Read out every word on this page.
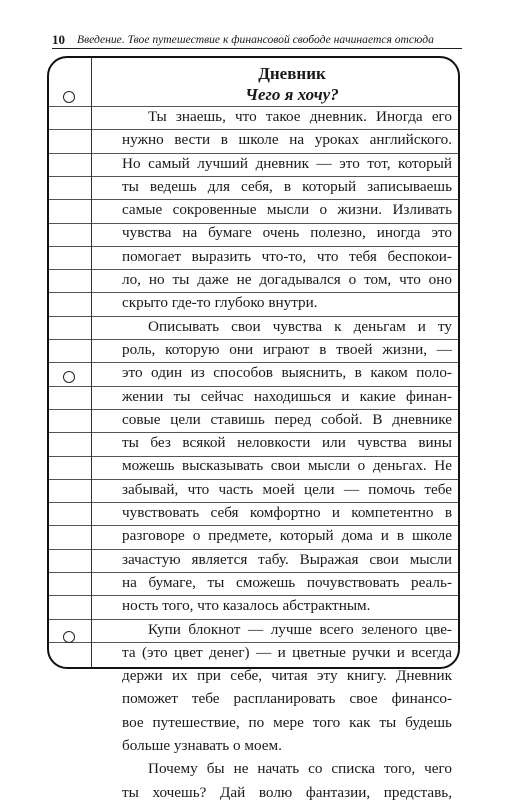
10 Введение. Твое путешествие к финансовой свободе начинается отсюда
Дневник
Чего я хочу?
Ты знаешь, что такое дневник. Иногда его
нужно вести в школе на уроках английского.
Но самый лучший дневник — это тот, который
ты ведешь для себя, в который записываешь
самые сокровенные мысли о жизни. Изливать
чувства на бумаге очень полезно, иногда это
помогает выразить что-то, что тебя беспокои-
ло, но ты даже не догадывался о том, что оно
скрыто где-то глубоко внутри.
Описывать свои чувства к деньгам и ту
роль, которую они играют в твоей жизни, —
это один из способов выяснить, в каком поло-
жении ты сейчас находишься и какие финан-
совые цели ставишь перед собой. В дневнике
ты без всякой неловкости или чувства вины
можешь высказывать свои мысли о деньгах. Не
забывай, что часть моей цели — помочь тебе
чувствовать себя комфортно и компетентно в
разговоре о предмете, который дома и в школе
зачастую является табу. Выражая свои мысли
на бумаге, ты сможешь почувствовать реаль-
ность того, что казалось абстрактным.
Купи блокнот — лучше всего зеленого цве-
та (это цвет денег) — и цветные ручки и всегда
держи их при себе, читая эту книгу. Дневник
поможет тебе распланировать свое финансо-
вое путешествие, по мере того как ты будешь
больше узнавать о моем.
Почему бы не начать со списка того, чего
ты хочешь? Дай волю фантазии, представь,
